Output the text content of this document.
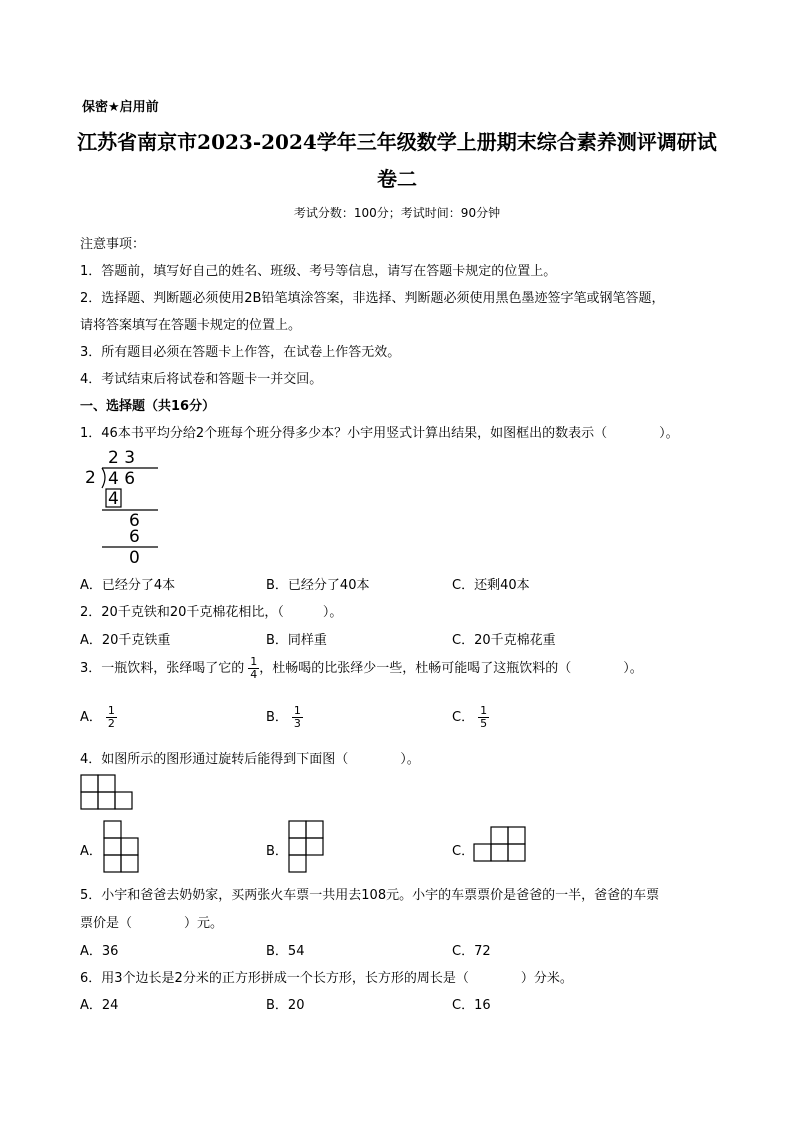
保密★启用前
江苏省南京市2023-2024学年三年级数学上册期末综合素养测评调研试
卷二
考试分数：100分；考试时间：90分钟
注意事项：
1．答题前，填写好自己的姓名、班级、考号等信息，请写在答题卡规定的位置上。
2．选择题、判断题必须使用2B铅笔填涂答案，非选择、判断题必须使用黑色墨迹签字笔或钢笔答题，
请将答案填写在答题卡规定的位置上。
3．所有题目必须在答题卡上作答，在试卷上作答无效。
4．考试结束后将试卷和答题卡一并交回。
一、选择题（共16分）
1．46本书平均分给2个班每个班分得多少本？小宇用竖式计算出结果，如图框出的数表示（　　　　）。
2 3
2 4 6
4
6
6
0
A．已经分了4本	B．已经分了40本	C．还剩40本
2．20千克铁和20千克棉花相比，（　　　）。
A．20千克铁重	B．同样重	C．20千克棉花重
3．一瓶饮料，张绎喝了它的 $\frac{1}{4}$ ，杜畅喝的比张绎少一些，杜畅可能喝了这瓶饮料的（　　　　）。
A． $\frac{1}{2}$	B． $\frac{1}{3}$	C． $\frac{1}{5}$
4．如图所示的图形通过旋转后能得到下面图（　　　　）。
A．	B．	C．
5．小宇和爸爸去奶奶家，买两张火车票一共用去108元。小宇的车票票价是爸爸的一半，爸爸的车票
票价是（　　　　）元。
A．36	B．54	C．72
6．用3个边长是2分米的正方形拼成一个长方形，长方形的周长是（　　　　）分米。
A．24	B．20	C．16
